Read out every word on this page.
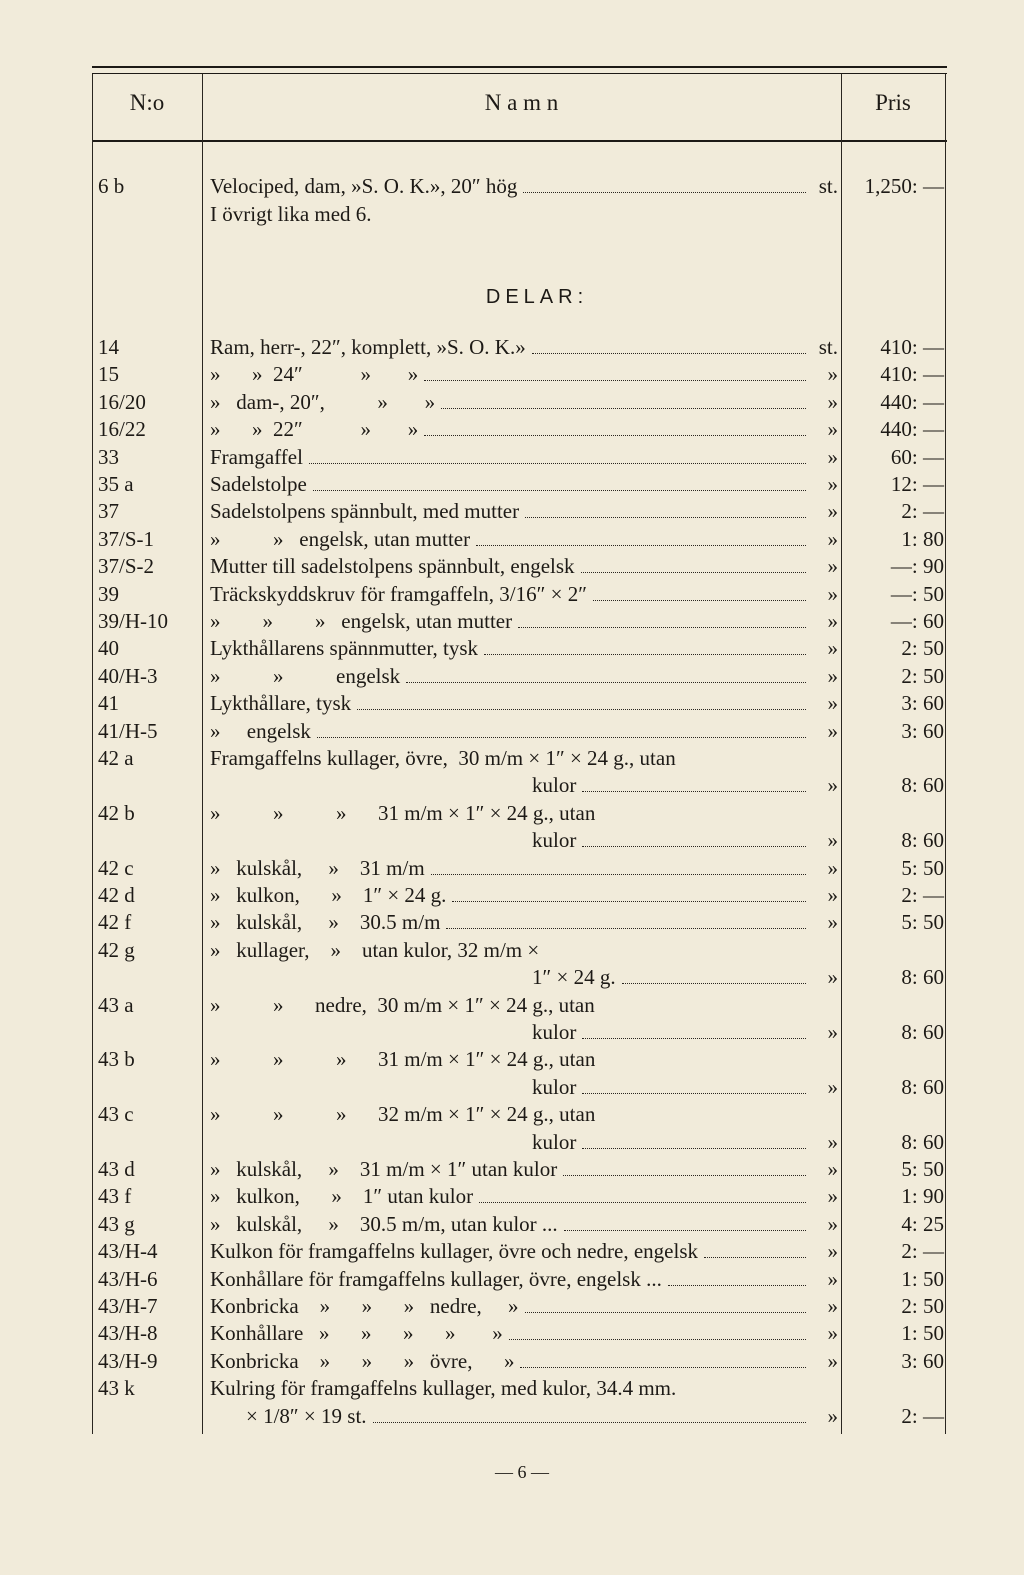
N:o	N a m n	Pris
6 b	Velociped, dam, »S. O. K.», 20″ hög	st. 1,250: —
I övrigt lika med 6.
DELAR:
14	Ram, herr-, 22″, komplett, »S. O. K.»	st. 410: —
15	»      »  24″           »       »	» 410: —
16/20	»   dam-, 20″,          »       »	» 440: —
16/22	»      »  22″           »       »	» 440: —
33	Framgaffel	»	60: —
35 a	Sadelstolpe	»	12: —
37	Sadelstolpens spännbult, med mutter	»	2: —
37/S-1	»          »   engelsk, utan mutter	»	1: 80
37/S-2	Mutter till sadelstolpens spännbult, engelsk	»	—: 90
39	Träckskyddskruv för framgaffeln, 3/16″ × 2″	»	—: 50
39/H-10 »        »        »   engelsk, utan mutter	»	—: 60
40	Lykthållarens spännmutter, tysk	»	2: 50
40/H-3	»          »          engelsk	»	2: 50
41	Lykthållare, tysk	»	3: 60
41/H-5	»     engelsk	»	3: 60
42 a	Framgaffelns kullager, övre,  30 m/m × 1″ × 24 g., utan
kulor	»	8: 60
42 b	»          »          »      31 m/m × 1″ × 24 g., utan
kulor	»	8: 60
42 c	»   kulskål,     »    31 m/m	»	5: 50
42 d	»   kulkon,      »    1″ × 24 g.	»	2: —
42 f	»   kulskål,     »    30.5 m/m	»	5: 50
42 g	»   kullager,    »    utan kulor, 32 m/m ×
1″ × 24 g.	»	8: 60
43 a	»          »      nedre,  30 m/m × 1″ × 24 g., utan
kulor	»	8: 60
43 b	»          »          »      31 m/m × 1″ × 24 g., utan
kulor	»	8: 60
43 c	»          »          »      32 m/m × 1″ × 24 g., utan
kulor	»	8: 60
43 d	»   kulskål,     »    31 m/m × 1″ utan kulor	»	5: 50
43 f	»   kulkon,      »    1″ utan kulor	»	1: 90
43 g	»   kulskål,     »    30.5 m/m, utan kulor ...	»	4: 25
43/H-4	Kulkon för framgaffelns kullager, övre och nedre, engelsk	»	2: —
43/H-6	Konhållare för framgaffelns kullager, övre, engelsk ...	»	1: 50
43/H-7	Konbricka    »      »      »   nedre,     »	»	2: 50
43/H-8	Konhållare   »      »      »      »       »	»	1: 50
43/H-9	Konbricka    »      »      »   övre,      »	»	3: 60
43 k	Kulring för framgaffelns kullager, med kulor, 34.4 mm.
× 1/8″ × 19 st.	»	2: —
— 6 —
